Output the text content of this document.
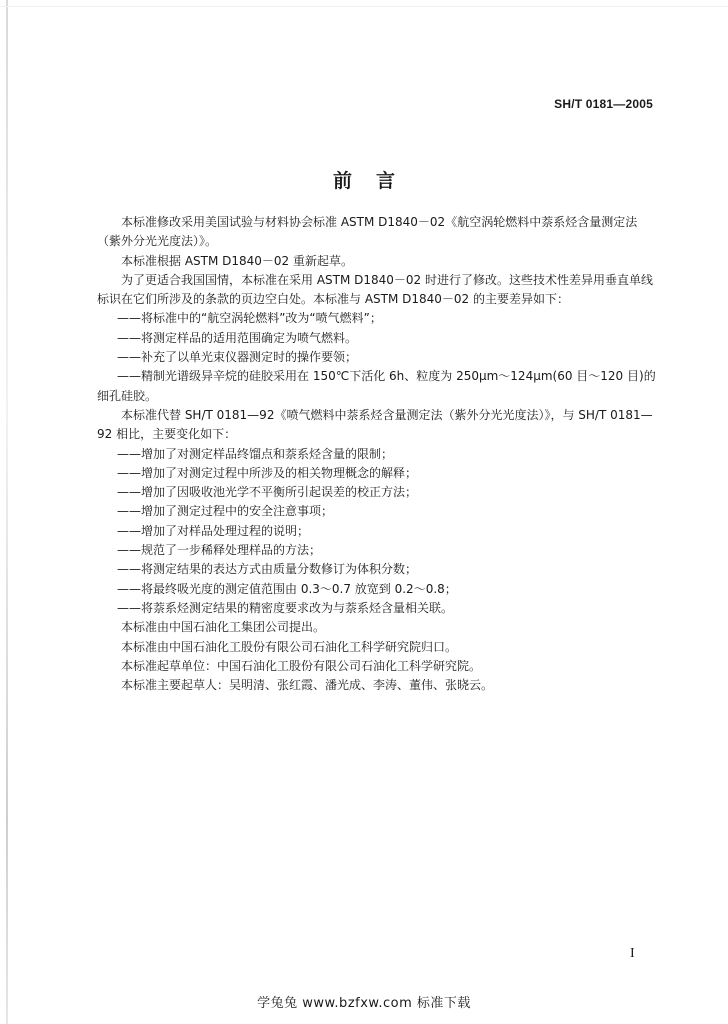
SH/T 0181—2005
前言

本标准修改采用美国试验与材料协会标准 ASTM D1840－02《航空涡轮燃料中萘系烃含量测定法（紫外分光光度法）》。

本标准根据 ASTM D1840－02 重新起草。

为了更适合我国国情，本标准在采用 ASTM D1840－02 时进行了修改。这些技术性差异用垂直单线标识在它们所涉及的条款的页边空白处。本标准与 ASTM D1840－02 的主要差异如下：

——将标准中的“航空涡轮燃料”改为“喷气燃料”；

——将测定样品的适用范围确定为喷气燃料。

——补充了以单光束仪器测定时的操作要领；

——精制光谱级异辛烷的硅胶采用在 150℃下活化 6h、粒度为 250μm～124μm(60 目～120 目)的细孔硅胶。

本标准代替 SH/T 0181—92《喷气燃料中萘系烃含量测定法（紫外分光光度法）》，与 SH/T 0181—92 相比，主要变化如下：

——增加了对测定样品终馏点和萘系烃含量的限制；

——增加了对测定过程中所涉及的相关物理概念的解释；

——增加了因吸收池光学不平衡所引起误差的校正方法；

——增加了测定过程中的安全注意事项；

——增加了对样品处理过程的说明；

——规范了一步稀释处理样品的方法；

——将测定结果的表达方式由质量分数修订为体积分数；

——将最终吸光度的测定值范围由 0.3～0.7 放宽到 0.2～0.8；

——将萘系烃测定结果的精密度要求改为与萘系烃含量相关联。

本标准由中国石油化工集团公司提出。

本标准由中国石油化工股份有限公司石油化工科学研究院归口。

本标准起草单位：中国石油化工股份有限公司石油化工科学研究院。

本标准主要起草人：吴明清、张红霞、潘光成、李涛、董伟、张晓云。

I
学兔兔 www.bzfxw.com 标准下载
